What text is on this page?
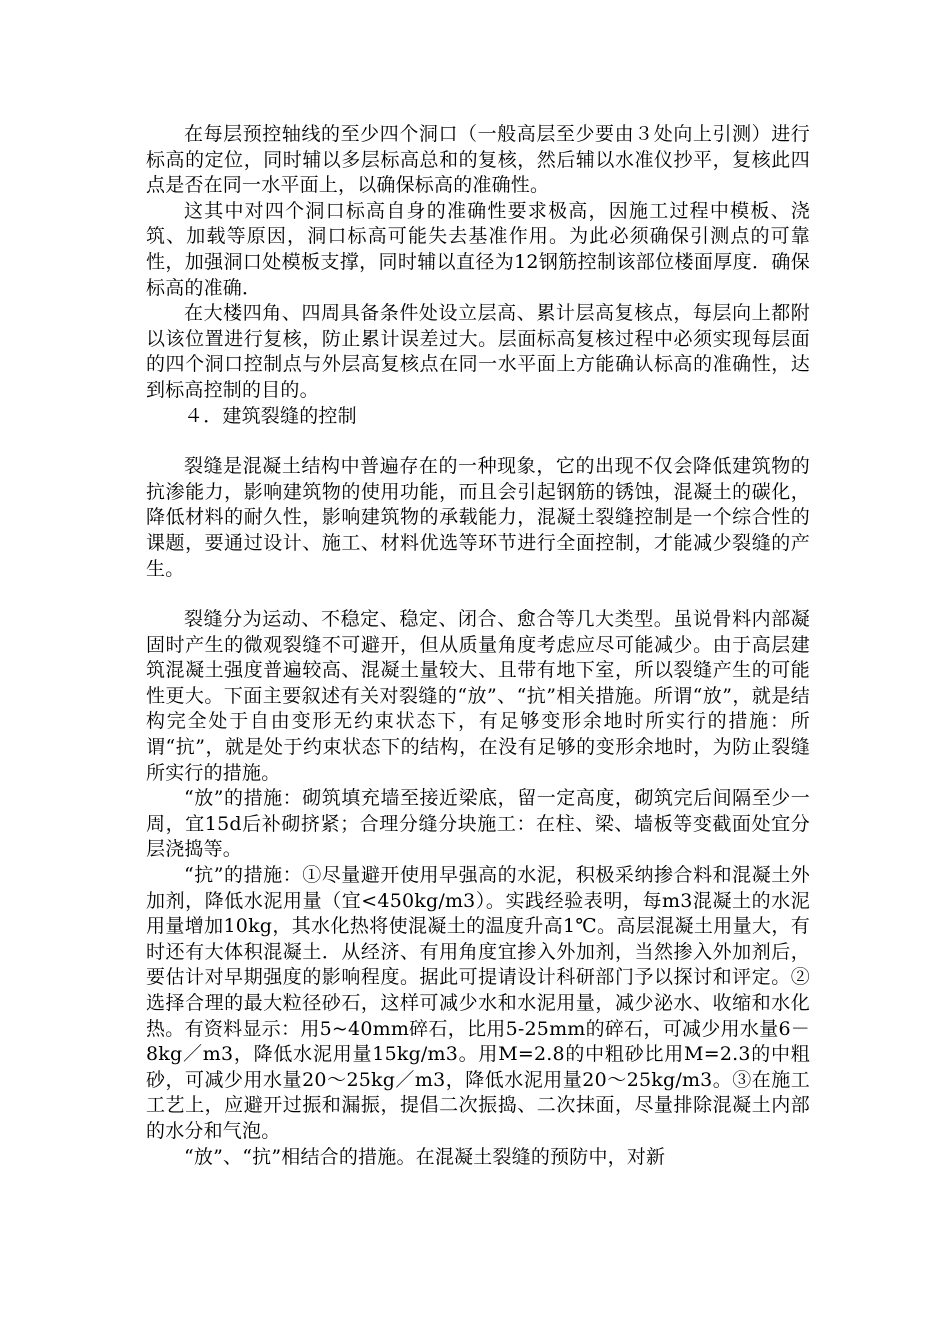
在每层预控轴线的至少四个洞口（一般高层至少要由３处向上引测）进行标高的定位，同时辅以多层标高总和的复核，然后辅以水准仪抄平，复核此四点是否在同一水平面上，以确保标高的准确性。

这其中对四个洞口标高自身的准确性要求极高，因施工过程中模板、浇筑、加载等原因，洞口标高可能失去基准作用。为此必须确保引测点的可靠性，加强洞口处模板支撑，同时辅以直径为12钢筋控制该部位楼面厚度．确保标高的准确．

在大楼四角、四周具备条件处设立层高、累计层高复核点，每层向上都附以该位置进行复核，防止累计误差过大。层面标高复核过程中必须实现每层面的四个洞口控制点与外层高复核点在同一水平面上方能确认标高的准确性，达到标高控制的目的。

４．建筑裂缝的控制

裂缝是混凝土结构中普遍存在的一种现象，它的出现不仅会降低建筑物的抗渗能力，影响建筑物的使用功能，而且会引起钢筋的锈蚀，混凝土的碳化，降低材料的耐久性，影响建筑物的承载能力，混凝土裂缝控制是一个综合性的课题，要通过设计、施工、材料优选等环节进行全面控制，才能减少裂缝的产生。

裂缝分为运动、不稳定、稳定、闭合、愈合等几大类型。虽说骨料内部凝固时产生的微观裂缝不可避开，但从质量角度考虑应尽可能减少。由于高层建筑混凝土强度普遍较高、混凝土量较大、且带有地下室，所以裂缝产生的可能性更大。下面主要叙述有关对裂缝的“放”、“抗”相关措施。所谓“放”，就是结构完全处于自由变形无约束状态下，有足够变形余地时所实行的措施：所谓“抗”，就是处于约束状态下的结构，在没有足够的变形余地时，为防止裂缝所实行的措施。

“放”的措施：砌筑填充墙至接近梁底，留一定高度，砌筑完后间隔至少一周，宜15d后补砌挤紧；合理分缝分块施工：在柱、梁、墙板等变截面处宜分层浇捣等。

“抗”的措施：①尽量避开使用早强高的水泥，积极采纳掺合料和混凝土外加剂，降低水泥用量（宜<450kg/m3）。实践经验表明，每m3混凝土的水泥用量增加10kg，其水化热将使混凝土的温度升高1℃。高层混凝土用量大，有时还有大体积混凝土．从经济、有用角度宜掺入外加剂，当然掺入外加剂后，要估计对早期强度的影响程度。据此可提请设计科研部门予以探讨和评定。②选择合理的最大粒径砂石，这样可减少水和水泥用量，减少泌水、收缩和水化热。有资料显示：用5~40mm碎石，比用5-25mm的碎石，可减少用水量6－8kg／m3，降低水泥用量15kg/m3。用M=2.8的中粗砂比用M=2.3的中粗砂，可减少用水量20～25kg／m3，降低水泥用量20～25kg/m3。③在施工工艺上，应避开过振和漏振，提倡二次振捣、二次抹面，尽量排除混凝土内部的水分和气泡。

“放”、“抗”相结合的措施。在混凝土裂缝的预防中，对新
